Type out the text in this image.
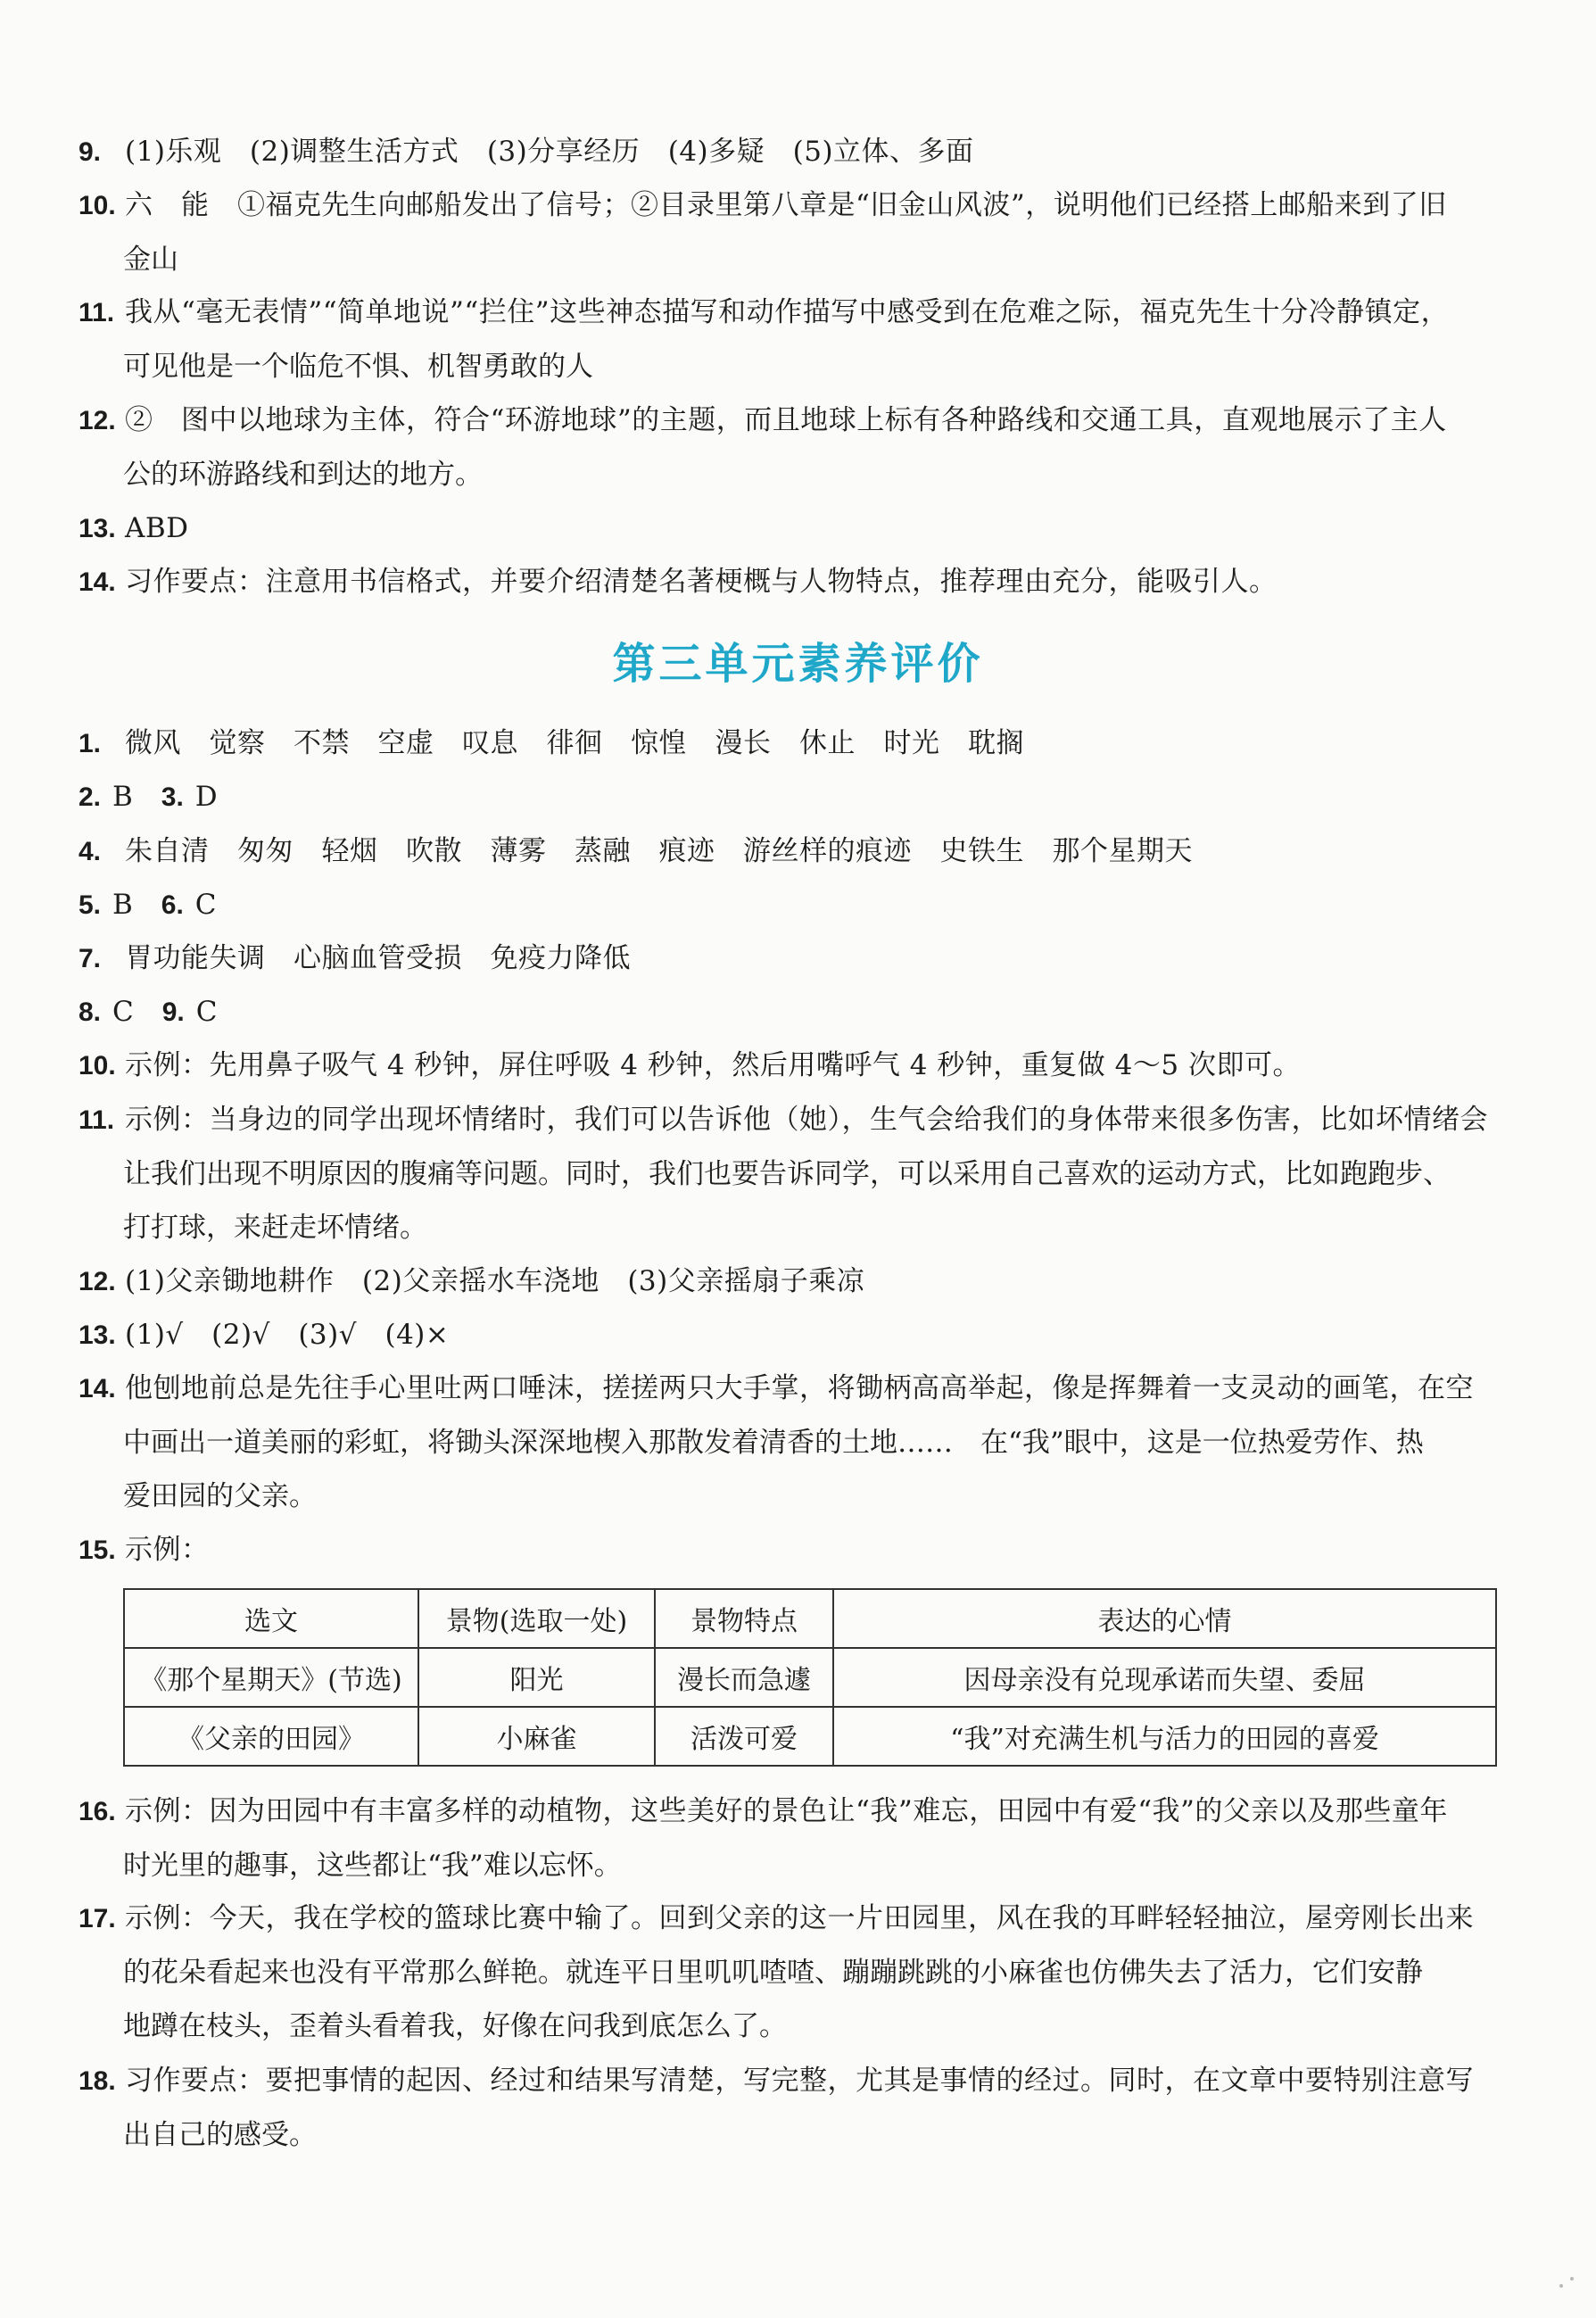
9. (1)乐观　(2)调整生活方式　(3)分享经历　(4)多疑　(5)立体、多面
10. 六　能　①福克先生向邮船发出了信号；②目录里第八章是“旧金山风波”，说明他们已经搭上邮船来到了旧
金山
11. 我从“毫无表情”“简单地说”“拦住”这些神态描写和动作描写中感受到在危难之际，福克先生十分冷静镇定，
可见他是一个临危不惧、机智勇敢的人
12. ②　图中以地球为主体，符合“环游地球”的主题，而且地球上标有各种路线和交通工具，直观地展示了主人
公的环游路线和到达的地方。
13. ABD
14. 习作要点：注意用书信格式，并要介绍清楚名著梗概与人物特点，推荐理由充分，能吸引人。
第三单元素养评价
1. 微风　觉察　不禁　空虚　叹息　徘徊　惊惶　漫长　休止　时光　耽搁
2. B　3. D
4. 朱自清　匆匆　轻烟　吹散　薄雾　蒸融　痕迹　游丝样的痕迹　史铁生　那个星期天
5. B　6. C
7. 胃功能失调　心脑血管受损　免疫力降低
8. C　9. C
10. 示例：先用鼻子吸气 4 秒钟，屏住呼吸 4 秒钟，然后用嘴呼气 4 秒钟，重复做 4～5 次即可。
11. 示例：当身边的同学出现坏情绪时，我们可以告诉他（她），生气会给我们的身体带来很多伤害，比如坏情绪会
让我们出现不明原因的腹痛等问题。同时，我们也要告诉同学，可以采用自己喜欢的运动方式，比如跑跑步、
打打球，来赶走坏情绪。
12. (1)父亲锄地耕作　(2)父亲摇水车浇地　(3)父亲摇扇子乘凉
13. (1)√　(2)√　(3)√　(4)×
14. 他刨地前总是先往手心里吐两口唾沫，搓搓两只大手掌，将锄柄高高举起，像是挥舞着一支灵动的画笔，在空
中画出一道美丽的彩虹，将锄头深深地楔入那散发着清香的土地……　在“我”眼中，这是一位热爱劳作、热
爱田园的父亲。
15. 示例：
选文	景物(选取一处)	景物特点	表达的心情
《那个星期天》(节选)	阳光	漫长而急遽	因母亲没有兑现承诺而失望、委屈
《父亲的田园》	小麻雀	活泼可爱	“我”对充满生机与活力的田园的喜爱
16. 示例：因为田园中有丰富多样的动植物，这些美好的景色让“我”难忘，田园中有爱“我”的父亲以及那些童年
时光里的趣事，这些都让“我”难以忘怀。
17. 示例：今天，我在学校的篮球比赛中输了。回到父亲的这一片田园里，风在我的耳畔轻轻抽泣，屋旁刚长出来
的花朵看起来也没有平常那么鲜艳。就连平日里叽叽喳喳、蹦蹦跳跳的小麻雀也仿佛失去了活力，它们安静
地蹲在枝头，歪着头看着我，好像在问我到底怎么了。
18. 习作要点：要把事情的起因、经过和结果写清楚，写完整，尤其是事情的经过。同时，在文章中要特别注意写
出自己的感受。
